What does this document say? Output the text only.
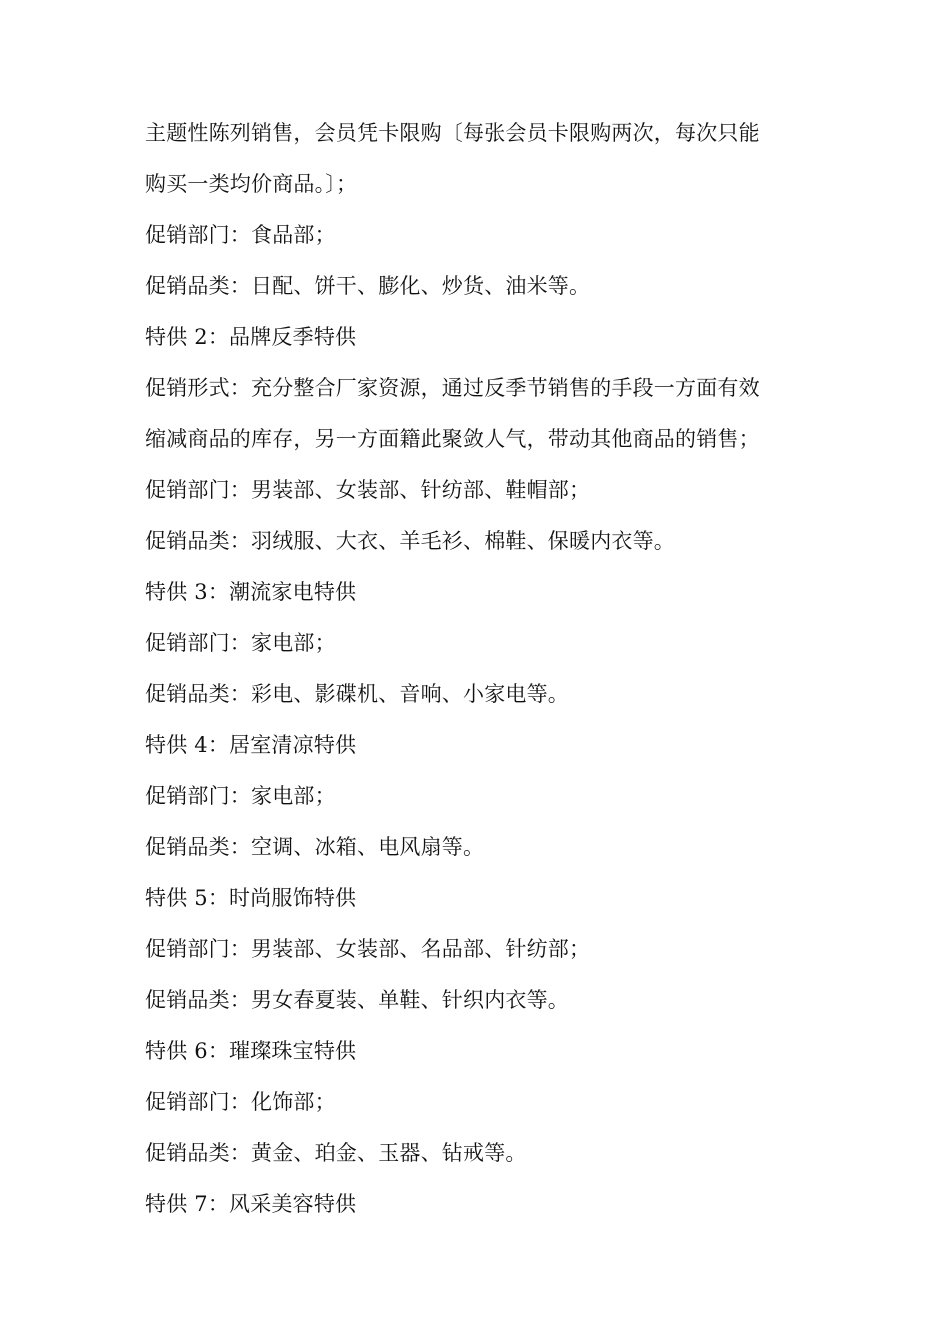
主题性陈列销售，会员凭卡限购〔每张会员卡限购两次，每次只能
购买一类均价商品。〕；
促销部门：食品部；
促销品类：日配、饼干、膨化、炒货、油米等。
特供 2：品牌反季特供
促销形式：充分整合厂家资源，通过反季节销售的手段一方面有效
缩减商品的库存，另一方面籍此聚敛人气，带动其他商品的销售；
促销部门：男装部、女装部、针纺部、鞋帽部；
促销品类：羽绒服、大衣、羊毛衫、棉鞋、保暖内衣等。
特供 3：潮流家电特供
促销部门：家电部；
促销品类：彩电、影碟机、音响、小家电等。
特供 4：居室清凉特供
促销部门：家电部；
促销品类：空调、冰箱、电风扇等。
特供 5：时尚服饰特供
促销部门：男装部、女装部、名品部、针纺部；
促销品类：男女春夏装、单鞋、针织内衣等。
特供 6：璀璨珠宝特供
促销部门：化饰部；
促销品类：黄金、珀金、玉器、钻戒等。
特供 7：风采美容特供
